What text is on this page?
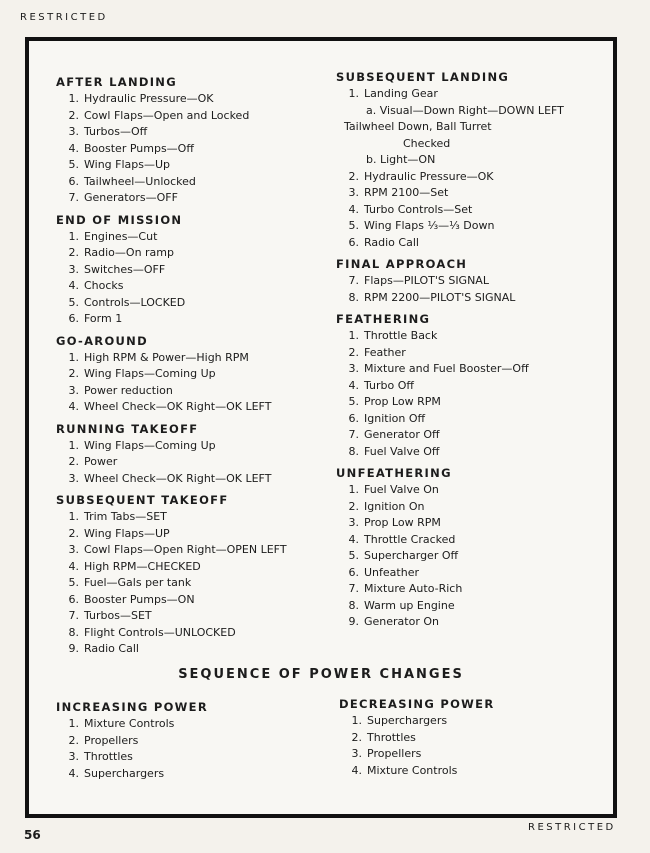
RESTRICTED
AFTER LANDING
1. Hydraulic Pressure—OK
2. Cowl Flaps—Open and Locked
3. Turbos—Off
4. Booster Pumps—Off
5. Wing Flaps—Up
6. Tailwheel—Unlocked
7. Generators—OFF
END OF MISSION
1. Engines—Cut
2. Radio—On ramp
3. Switches—OFF
4. Chocks
5. Controls—LOCKED
6. Form 1
GO-AROUND
1. High RPM & Power—High RPM
2. Wing Flaps—Coming Up
3. Power reduction
4. Wheel Check—OK Right—OK LEFT
RUNNING TAKEOFF
1. Wing Flaps—Coming Up
2. Power
3. Wheel Check—OK Right—OK LEFT
SUBSEQUENT TAKEOFF
1. Trim Tabs—SET
2. Wing Flaps—UP
3. Cowl Flaps—Open Right—OPEN LEFT
4. High RPM—CHECKED
5. Fuel—Gals per tank
6. Booster Pumps—ON
7. Turbos—SET
8. Flight Controls—UNLOCKED
9. Radio Call
SUBSEQUENT LANDING
1. Landing Gear
a. Visual—Down Right—DOWN LEFT
Tailwheel Down, Ball Turret
Checked
b. Light—ON
2. Hydraulic Pressure—OK
3. RPM 2100—Set
4. Turbo Controls—Set
5. Wing Flaps ⅓—⅓ Down
6. Radio Call
FINAL APPROACH
7. Flaps—PILOT'S SIGNAL
8. RPM 2200—PILOT'S SIGNAL
FEATHERING
1. Throttle Back
2. Feather
3. Mixture and Fuel Booster—Off
4. Turbo Off
5. Prop Low RPM
6. Ignition Off
7. Generator Off
8. Fuel Valve Off
UNFEATHERING
1. Fuel Valve On
2. Ignition On
3. Prop Low RPM
4. Throttle Cracked
5. Supercharger Off
6. Unfeather
7. Mixture Auto-Rich
8. Warm up Engine
9. Generator On
SEQUENCE OF POWER CHANGES
INCREASING POWER
1. Mixture Controls
2. Propellers
3. Throttles
4. Superchargers
DECREASING POWER
1. Superchargers
2. Throttles
3. Propellers
4. Mixture Controls
56
RESTRICTED
